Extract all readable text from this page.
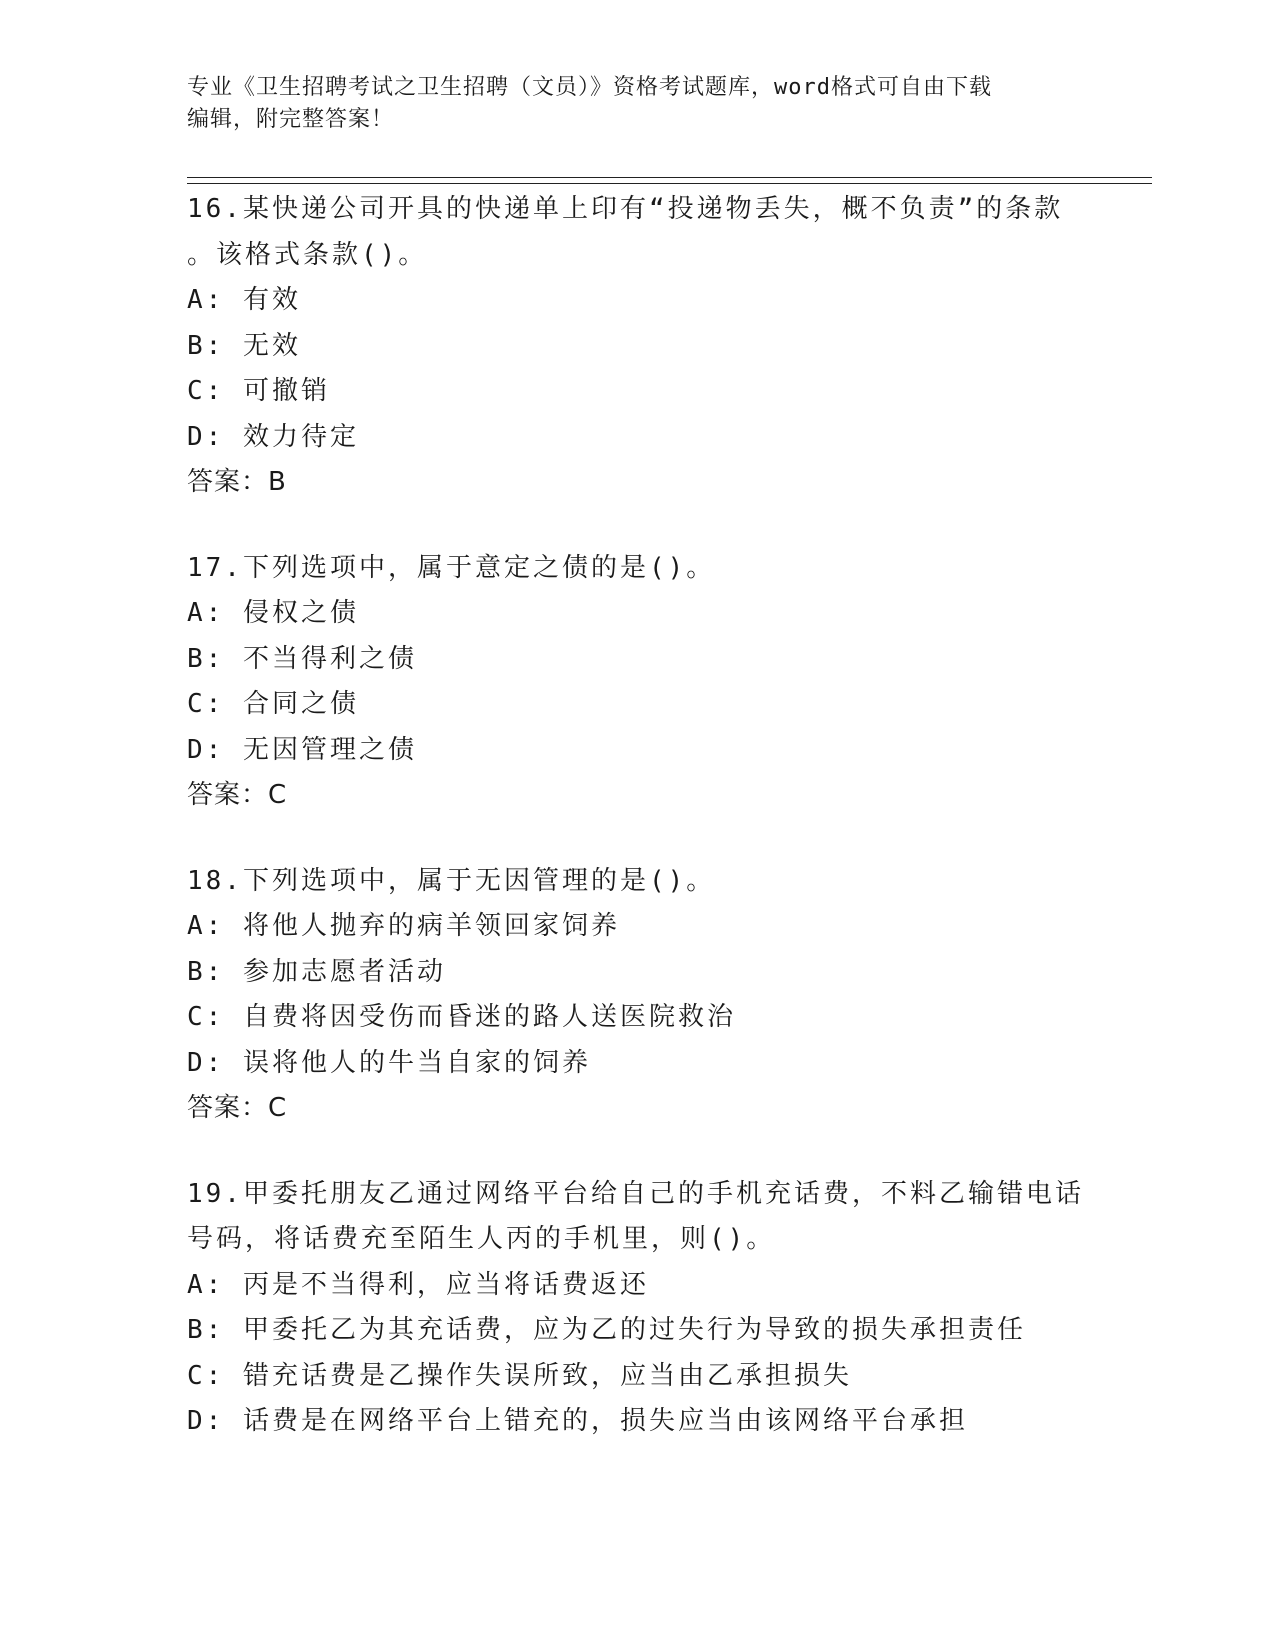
专业《卫生招聘考试之卫生招聘（文员）》资格考试题库，word格式可自由下载
编辑，附完整答案！
16.某快递公司开具的快递单上印有“投递物丢失，概不负责”的条款
。该格式条款()。
A: 有效
B: 无效
C: 可撤销
D: 效力待定
答案：B
17.下列选项中，属于意定之债的是()。
A: 侵权之债
B: 不当得利之债
C: 合同之债
D: 无因管理之债
答案：C
18.下列选项中，属于无因管理的是()。
A: 将他人抛弃的病羊领回家饲养
B: 参加志愿者活动
C: 自费将因受伤而昏迷的路人送医院救治
D: 误将他人的牛当自家的饲养
答案：C
19.甲委托朋友乙通过网络平台给自己的手机充话费，不料乙输错电话
号码，将话费充至陌生人丙的手机里，则()。
A: 丙是不当得利，应当将话费返还
B: 甲委托乙为其充话费，应为乙的过失行为导致的损失承担责任
C: 错充话费是乙操作失误所致，应当由乙承担损失
D: 话费是在网络平台上错充的，损失应当由该网络平台承担
